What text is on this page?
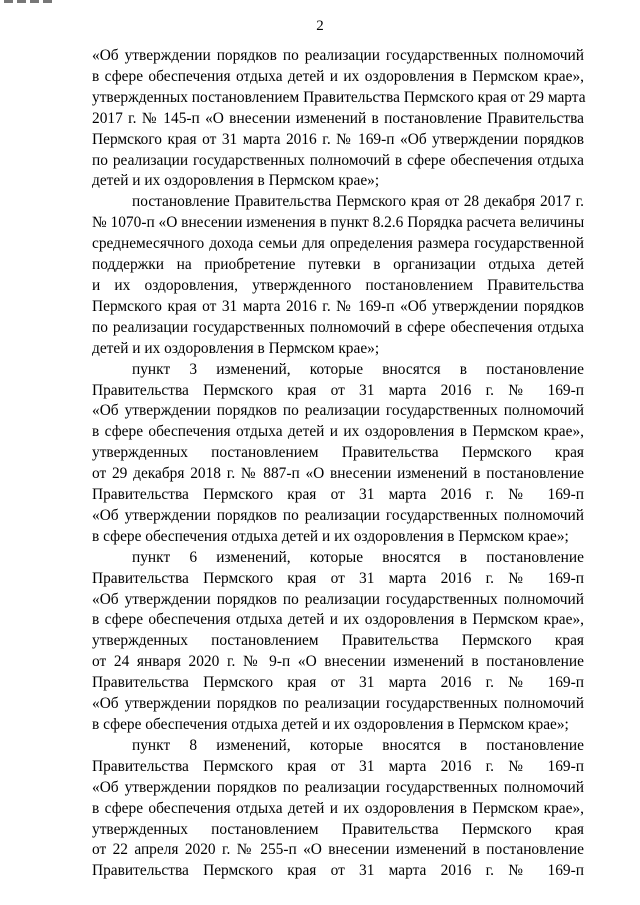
2

«Об утверждении порядков по реализации государственных полномочий
в сфере обеспечения отдыха детей и их оздоровления в Пермском крае»,
утвержденных постановлением Правительства Пермского края от 29 марта
2017 г. № 145-п «О внесении изменений в постановление Правительства
Пермского края от 31 марта 2016 г. № 169-п «Об утверждении порядков
по реализации государственных полномочий в сфере обеспечения отдыха
детей и их оздоровления в Пермском крае»;

постановление Правительства Пермского края от 28 декабря 2017 г.
№ 1070-п «О внесении изменения в пункт 8.2.6 Порядка расчета величины
среднемесячного дохода семьи для определения размера государственной
поддержки на приобретение путевки в организации отдыха детей
и их оздоровления, утвержденного постановлением Правительства
Пермского края от 31 марта 2016 г. № 169-п «Об утверждении порядков
по реализации государственных полномочий в сфере обеспечения отдыха
детей и их оздоровления в Пермском крае»;

пункт 3 изменений, которые вносятся в постановление
Правительства Пермского края от 31 марта 2016 г. № 169-п
«Об утверждении порядков по реализации государственных полномочий
в сфере обеспечения отдыха детей и их оздоровления в Пермском крае»,
утвержденных постановлением Правительства Пермского края
от 29 декабря 2018 г. № 887-п «О внесении изменений в постановление
Правительства Пермского края от 31 марта 2016 г. № 169-п
«Об утверждении порядков по реализации государственных полномочий
в сфере обеспечения отдыха детей и их оздоровления в Пермском крае»;

пункт 6 изменений, которые вносятся в постановление
Правительства Пермского края от 31 марта 2016 г. № 169-п
«Об утверждении порядков по реализации государственных полномочий
в сфере обеспечения отдыха детей и их оздоровления в Пермском крае»,
утвержденных постановлением Правительства Пермского края
от 24 января 2020 г. № 9-п «О внесении изменений в постановление
Правительства Пермского края от 31 марта 2016 г. № 169-п
«Об утверждении порядков по реализации государственных полномочий
в сфере обеспечения отдыха детей и их оздоровления в Пермском крае»;

пункт 8 изменений, которые вносятся в постановление
Правительства Пермского края от 31 марта 2016 г. № 169-п
«Об утверждении порядков по реализации государственных полномочий
в сфере обеспечения отдыха детей и их оздоровления в Пермском крае»,
утвержденных постановлением Правительства Пермского края
от 22 апреля 2020 г. № 255-п «О внесении изменений в постановление
Правительства Пермского края от 31 марта 2016 г. № 169-п
